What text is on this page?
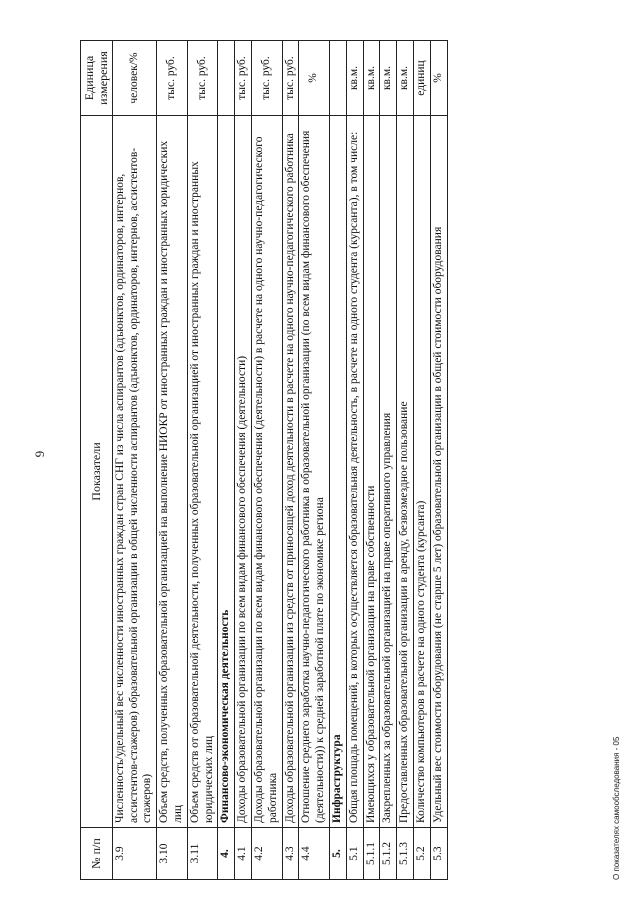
6
№ п/п	Показатели	Единица измерения
3.9	Численность/удельный вес численности иностранных граждан стран СНГ из числа аспирантов (адъюнктов, ординаторов, интернов, ассистентов-стажеров) образовательной организации в общей численности аспирантов (адъюнктов, ординаторов, интернов, ассистентов-стажеров)	человек/%
3.10	Объем средств, полученных образовательной организацией на выполнение НИОКР от иностранных граждан и иностранных юридических лиц	тыс. руб.
3.11	Объем средств от образовательной деятельности, полученных образовательной организацией от иностранных граждан и иностранных юридических лиц	тыс. руб.
4.	Финансово-экономическая деятельность	
4.1	Доходы образовательной организации по всем видам финансового обеспечения (деятельности)	тыс. руб.
4.2	Доходы образовательной организации по всем видам финансового обеспечения (деятельности) в расчете на одного научно-педагогического работника	тыс. руб.
4.3	Доходы образовательной организации из средств от приносящей доход деятельности в расчете на одного научно-педагогического работника	тыс. руб.
4.4	Отношение среднего заработка научно-педагогического работника в образовательной организации (по всем видам финансового обеспечения (деятельности)) к средней заработной плате по экономике региона	%
5.	Инфраструктура	
5.1	Общая площадь помещений, в которых осуществляется образовательная деятельность, в расчете на одного студента (курсанта), в том числе:	кв.м.
5.1.1	Имеющихся у образовательной организации на праве собственности	кв.м.
5.1.2	Закрепленных за образовательной организацией на праве оперативного управления	кв.м.
5.1.3	Предоставленных образовательной организации в аренду, безвозмездное пользование	кв.м.
5.2	Количество компьютеров в расчете на одного студента (курсанта)	единиц
5.3	Удельный вес стоимости оборудования (не старше 5 лет) образовательной организации в общей стоимости оборудования	%
О показателях самообследования - 05
